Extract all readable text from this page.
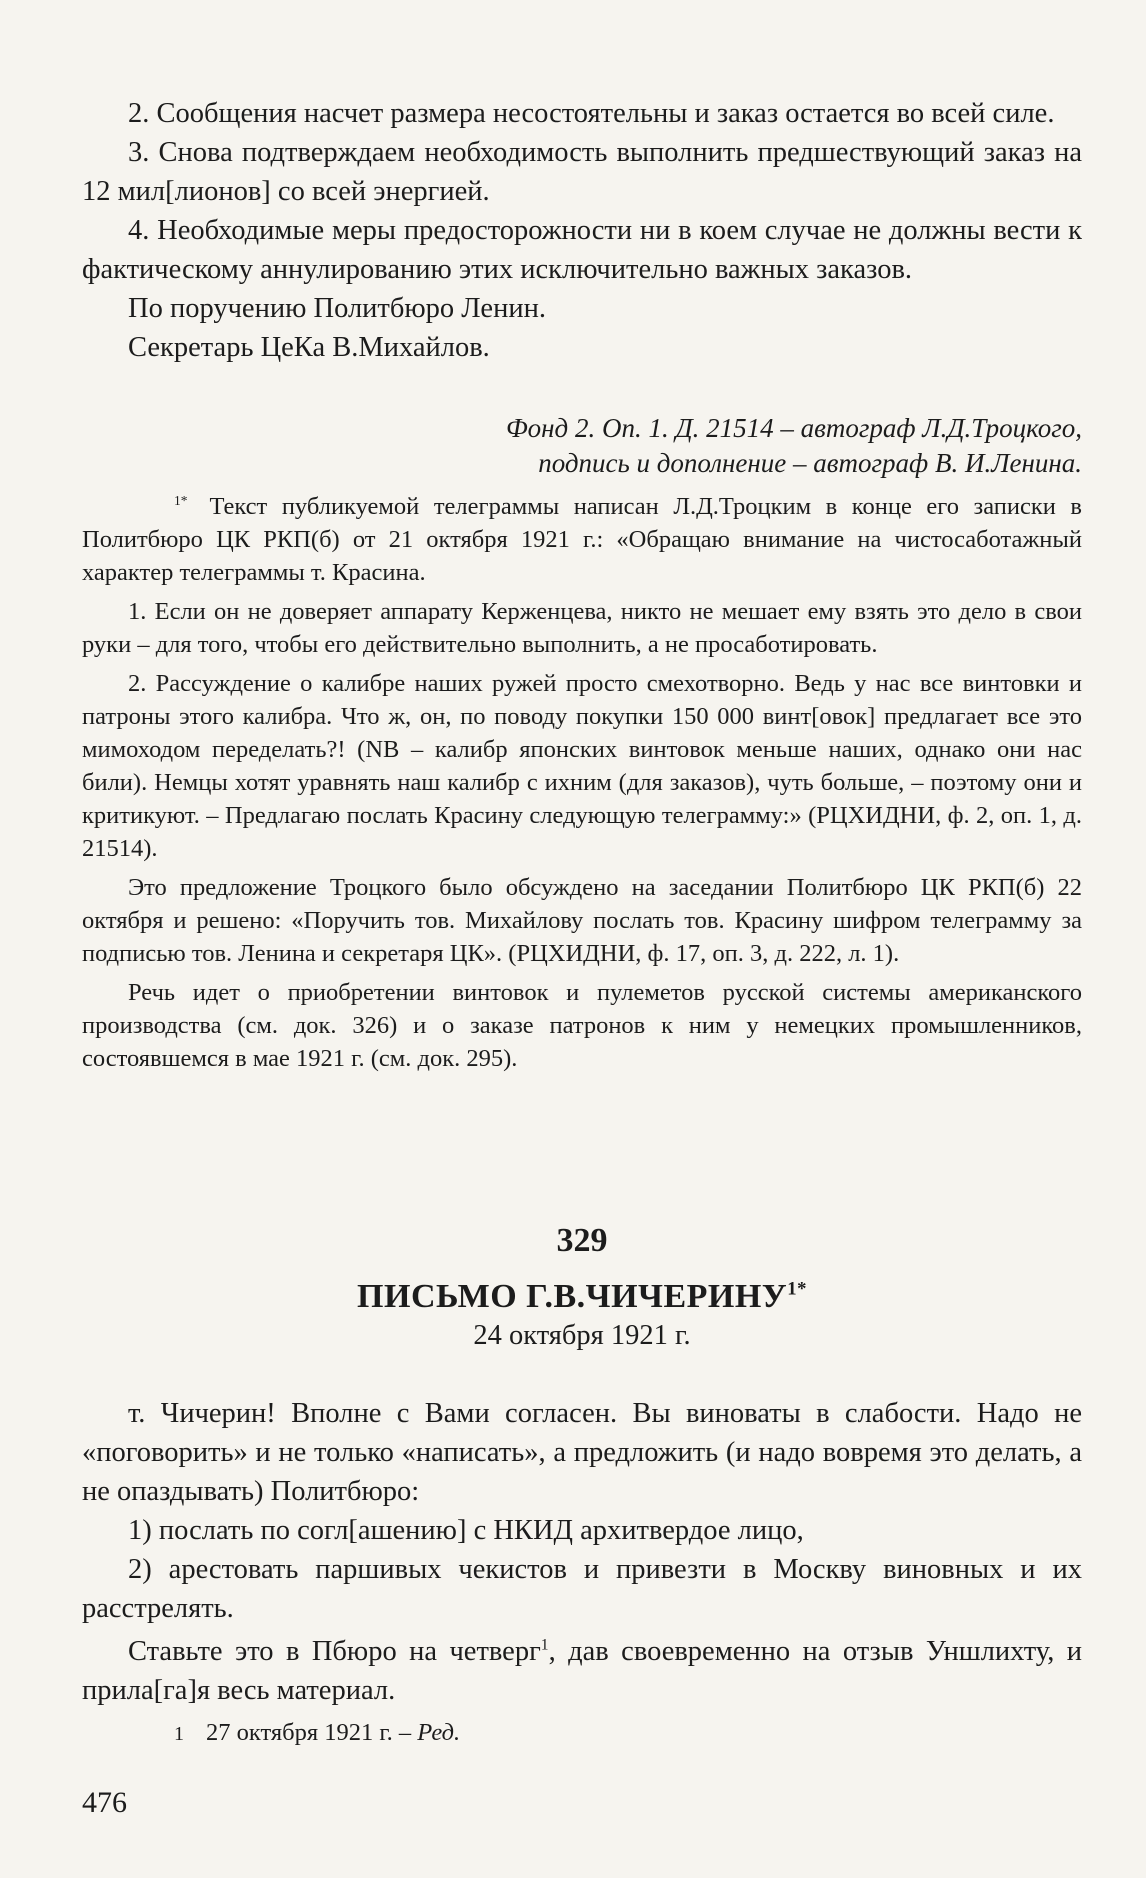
2. Сообщения насчет размера несостоятельны и заказ остается во всей силе.

3. Снова подтверждаем необходимость выполнить предшествующий заказ на 12 мил[лионов] со всей энергией.

4. Необходимые меры предосторожности ни в коем случае не должны вести к фактическому аннулированию этих исключительно важных заказов.

По поручению Политбюро Ленин.

Секретарь ЦеКа В.Михайлов.

Фонд 2. Оп. 1. Д. 21514 – автограф Л.Д.Троцкого,

подпись и дополнение – автограф В. И.Ленина.

$^{1*}$ Текст публикуемой телеграммы написан Л.Д.Троцким в конце его записки в Политбюро ЦК РКП(б) от 21 октября 1921 г.: «Обращаю внимание на чистосаботажный характер телеграммы т. Красина.

1. Если он не доверяет аппарату Керженцева, никто не мешает ему взять это дело в свои руки – для того, чтобы его действительно выполнить, а не просаботировать.

2. Рассуждение о калибре наших ружей просто смехотворно. Ведь у нас все винтовки и патроны этого калибра. Что ж, он, по поводу покупки 150 000 винт[овок] предлагает все это мимоходом переделать?! (NB – калибр японских винтовок меньше наших, однако они нас били). Немцы хотят уравнять наш калибр с ихним (для заказов), чуть больше, – поэтому они и критикуют. – Предлагаю послать Красину следующую телеграмму:» (РЦХИДНИ, ф. 2, оп. 1, д. 21514).

Это предложение Троцкого было обсуждено на заседании Политбюро ЦК РКП(б) 22 октября и решено: «Поручить тов. Михайлову послать тов. Красину шифром телеграмму за подписью тов. Ленина и секретаря ЦК». (РЦХИДНИ, ф. 17, оп. 3, д. 222, л. 1).

Речь идет о приобретении винтовок и пулеметов русской системы американского производства (см. док. 326) и о заказе патронов к ним у немецких промышленников, состоявшемся в мае 1921 г. (см. док. 295).

329
ПИСЬМО $Г.В.ЧИЧЕРИНУ^{1*}$
24 октября 1921 г.

т. Чичерин! Вполне с Вами согласен. Вы виноваты в слабости. Надо не «поговорить» и не только «написать», а предложить (и надо вовремя это делать, а не опаздывать) Политбюро:

1) послать по согл[ашению] с НКИД архитвердое лицо,

2) арестовать паршивых чекистов и привезти в Москву виновных и их расстрелять.

Ставьте это в Пбюро на четверг$^1$, дав своевременно на отзыв Уншлихту, и прила[га]я весь материал.

1 27 октября 1921 г. – Ред.

476
